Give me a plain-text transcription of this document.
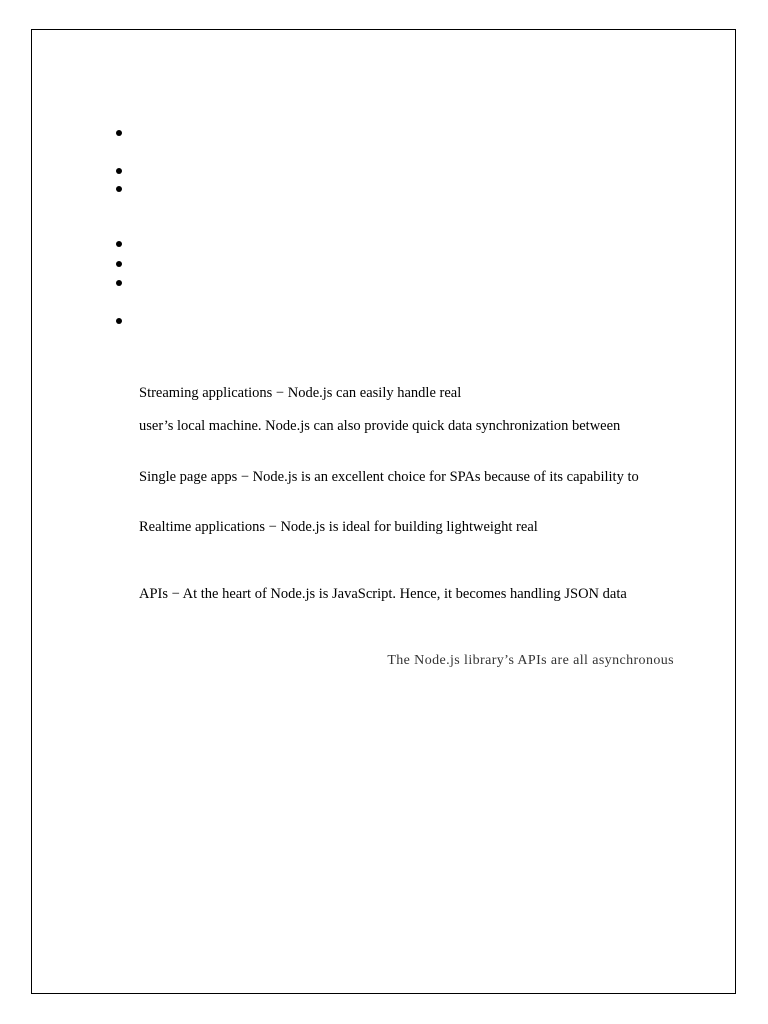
Streaming applications − Node.js can easily handle real
user’s local machine. Node.js can also provide quick data synchronization between
Single page apps − Node.js is an excellent choice for SPAs because of its capability to
Realtime applications − Node.js is ideal for building lightweight real
APIs − At the heart of Node.js is JavaScript. Hence, it becomes handling JSON data
The Node.js library’s APIs are all asynchronous
